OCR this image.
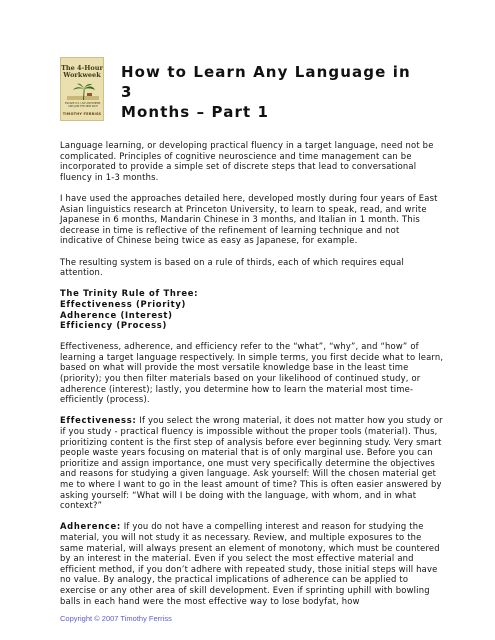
The 4-Hour
Workweek
ESCAPE 9-5, LIVE ANYWHERE, AND JOIN THE NEW RICH
TIMOTHY FERRISS
How to Learn Any Language in 3
Months – Part 1

Language learning, or developing practical fluency in a target language, need not be complicated. Principles of cognitive neuroscience and time management can be incorporated to provide a simple set of discrete steps that lead to conversational fluency in 1-3 months.

I have used the approaches detailed here, developed mostly during four years of East Asian linguistics research at Princeton University, to learn to speak, read, and write Japanese in 6 months, Mandarin Chinese in 3 months, and Italian in 1 month. This decrease in time is reflective of the refinement of learning technique and not indicative of Chinese being twice as easy as Japanese, for example.

The resulting system is based on a rule of thirds, each of which requires equal attention.

The Trinity Rule of Three:
Effectiveness (Priority)
Adherence (Interest)
Efficiency (Process)

Effectiveness, adherence, and efficiency refer to the “what”, “why”, and “how” of learning a target language respectively. In simple terms, you first decide what to learn, based on what will provide the most versatile knowledge base in the least time (priority); you then filter materials based on your likelihood of continued study, or adherence (interest); lastly, you determine how to learn the material most time-efficiently (process).

Effectiveness: If you select the wrong material, it does not matter how you study or if you study - practical fluency is impossible without the proper tools (material). Thus, prioritizing content is the first step of analysis before ever beginning study. Very smart people waste years focusing on material that is of only marginal use. Before you can prioritize and assign importance, one must very specifically determine the objectives and reasons for studying a given language. Ask yourself: Will the chosen material get me to where I want to go in the least amount of time? This is often easier answered by asking yourself: “What will I be doing with the language, with whom, and in what context?”

Adherence: If you do not have a compelling interest and reason for studying the material, you will not study it as necessary. Review, and multiple exposures to the same material, will always present an element of monotony, which must be countered by an interest in the material. Even if you select the most effective material and efficient method, if you don’t adhere with repeated study, those initial steps will have no value. By analogy, the practical implications of adherence can be applied to exercise or any other area of skill development. Even if sprinting uphill with bowling balls in each hand were the most effective way to lose bodyfat, how

Copyright © 2007 Timothy Ferriss
